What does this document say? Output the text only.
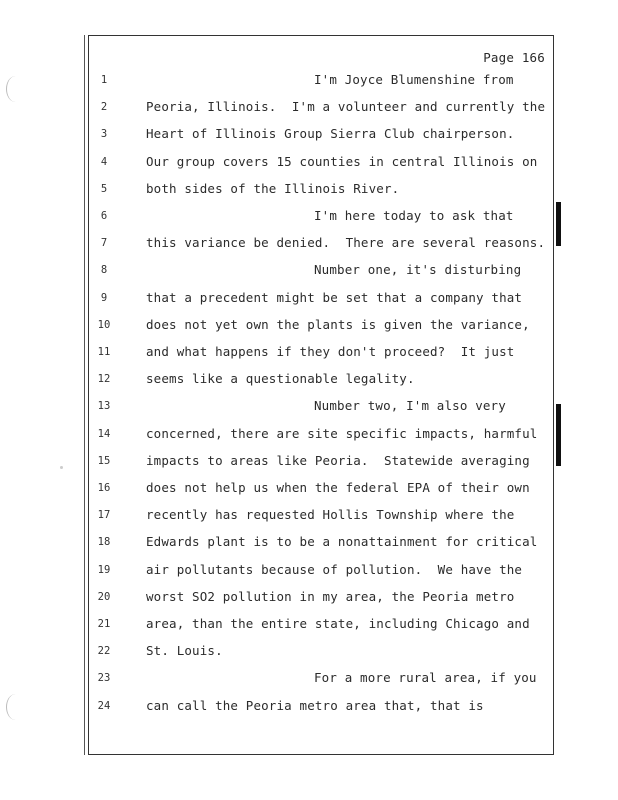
Page 166
1	I'm Joyce Blumenshine from
2	Peoria, Illinois.  I'm a volunteer and currently the
3	Heart of Illinois Group Sierra Club chairperson.
4	Our group covers 15 counties in central Illinois on
5	both sides of the Illinois River.
6	I'm here today to ask that
7	this variance be denied.  There are several reasons.
8	Number one, it's disturbing
9	that a precedent might be set that a company that
10	does not yet own the plants is given the variance,
11	and what happens if they don't proceed?  It just
12	seems like a questionable legality.
13	Number two, I'm also very
14	concerned, there are site specific impacts, harmful
15	impacts to areas like Peoria.  Statewide averaging
16	does not help us when the federal EPA of their own
17	recently has requested Hollis Township where the
18	Edwards plant is to be a nonattainment for critical
19	air pollutants because of pollution.  We have the
20	worst SO2 pollution in my area, the Peoria metro
21	area, than the entire state, including Chicago and
22	St. Louis.
23	For a more rural area, if you
24	can call the Peoria metro area that, that is
